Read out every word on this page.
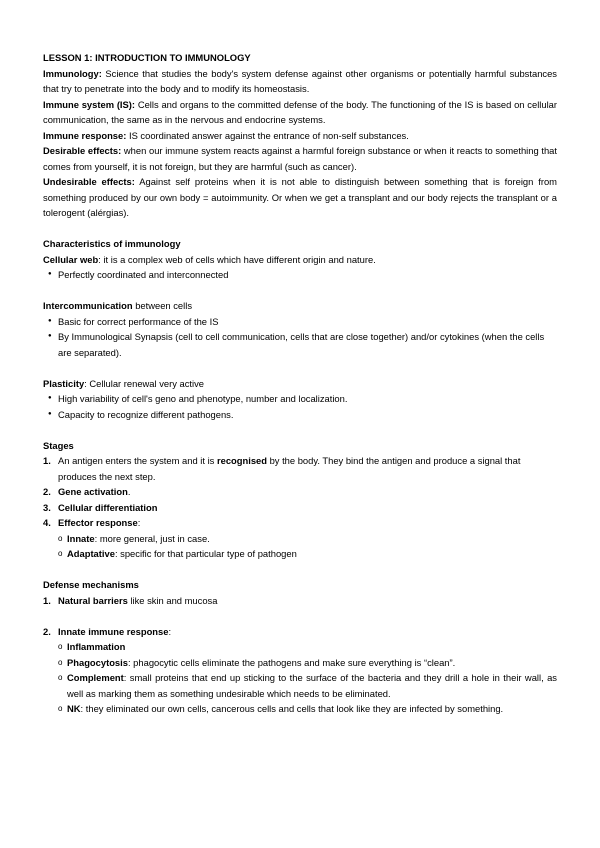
LESSON 1: INTRODUCTION TO IMMUNOLOGY

Immunology: Science that studies the body's system defense against other organisms or potentially harmful substances that try to penetrate into the body and to modify its homeostasis.

Immune system (IS): Cells and organs to the committed defense of the body. The functioning of the IS is based on cellular communication, the same as in the nervous and endocrine systems.

Immune response: IS coordinated answer against the entrance of non-self substances.

Desirable effects: when our immune system reacts against a harmful foreign substance or when it reacts to something that comes from yourself, it is not foreign, but they are harmful (such as cancer).

Undesirable effects: Against self proteins when it is not able to distinguish between something that is foreign from something produced by our own body = autoimmunity. Or when we get a transplant and our body rejects the transplant or a tolerogent (alérgias).

Characteristics of immunology

Cellular web: it is a complex web of cells which have different origin and nature.

● Perfectly coordinated and interconnected

Intercommunication between cells

● Basic for correct performance of the IS
● By Immunological Synapsis (cell to cell communication, cells that are close together) and/or cytokines (when the cells are separated).

Plasticity: Cellular renewal very active

● High variability of cell's geno and phenotype, number and localization.
● Capacity to recognize different pathogens.

Stages

1. An antigen enters the system and it is recognised by the body. They bind the antigen and produce a signal that produces the next step.
2. Gene activation.
3. Cellular differentiation
4. Effector response:
o Innate: more general, just in case.
o Adaptative: specific for that particular type of pathogen

Defense mechanisms

1. Natural barriers like skin and mucosa
2. Innate immune response:
o Inflammation
o Phagocytosis: phagocytic cells eliminate the pathogens and make sure everything is “clean”.
o Complement: small proteins that end up sticking to the surface of the bacteria and they drill a hole in their wall, as well as marking them as something undesirable which needs to be eliminated.
o NK: they eliminated our own cells, cancerous cells and cells that look like they are infected by something.
